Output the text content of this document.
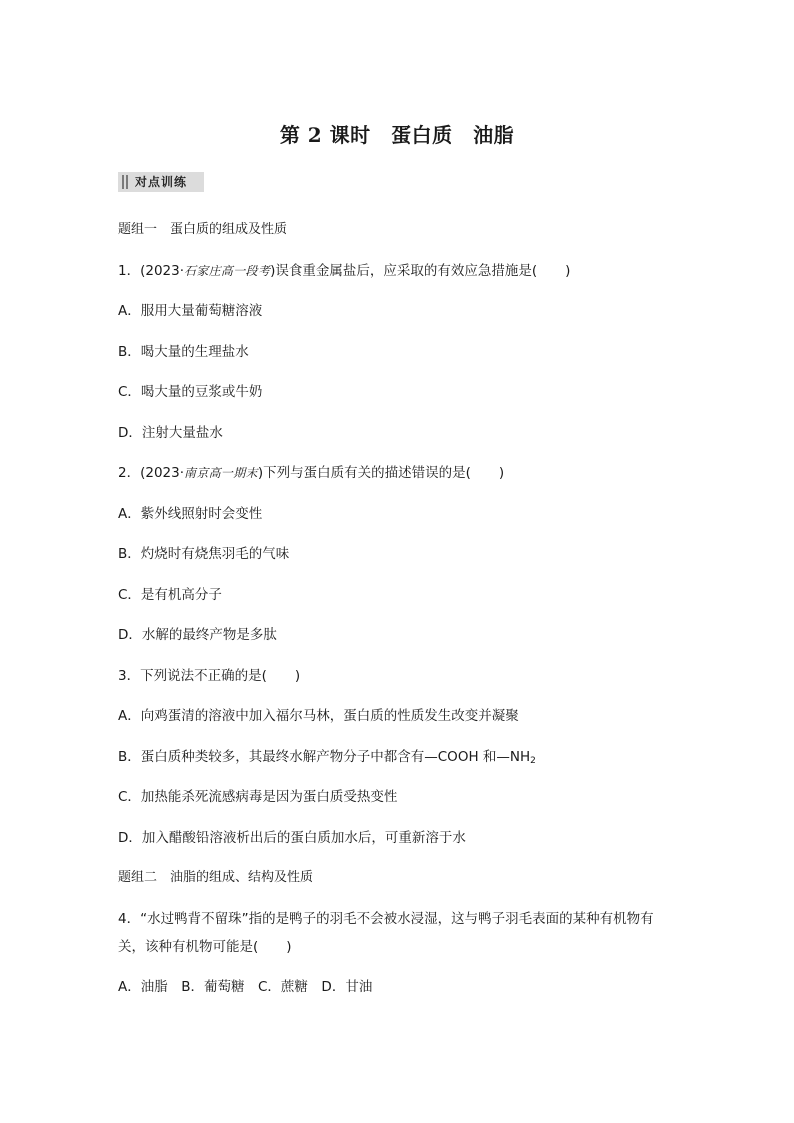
第 2 课时　蛋白质　油脂
对点训练
题组一　蛋白质的组成及性质
1．(2023·石家庄高一段考)误食重金属盐后，应采取的有效应急措施是( )
A．服用大量葡萄糖溶液
B．喝大量的生理盐水
C．喝大量的豆浆或牛奶
D．注射大量盐水
2．(2023·南京高一期末)下列与蛋白质有关的描述错误的是( )
A．紫外线照射时会变性
B．灼烧时有烧焦羽毛的气味
C．是有机高分子
D．水解的最终产物是多肽
3．下列说法不正确的是( )
A．向鸡蛋清的溶液中加入福尔马林，蛋白质的性质发生改变并凝聚
B．蛋白质种类较多，其最终水解产物分子中都含有—COOH 和$—NH_2$
C．加热能杀死流感病毒是因为蛋白质受热变性
D．加入醋酸铅溶液析出后的蛋白质加水后，可重新溶于水
题组二　油脂的组成、结构及性质
4．“水过鸭背不留珠”指的是鸭子的羽毛不会被水浸湿，这与鸭子羽毛表面的某种有机物有
关，该种有机物可能是( )
A．油脂　B．葡萄糖　C．蔗糖　D．甘油
